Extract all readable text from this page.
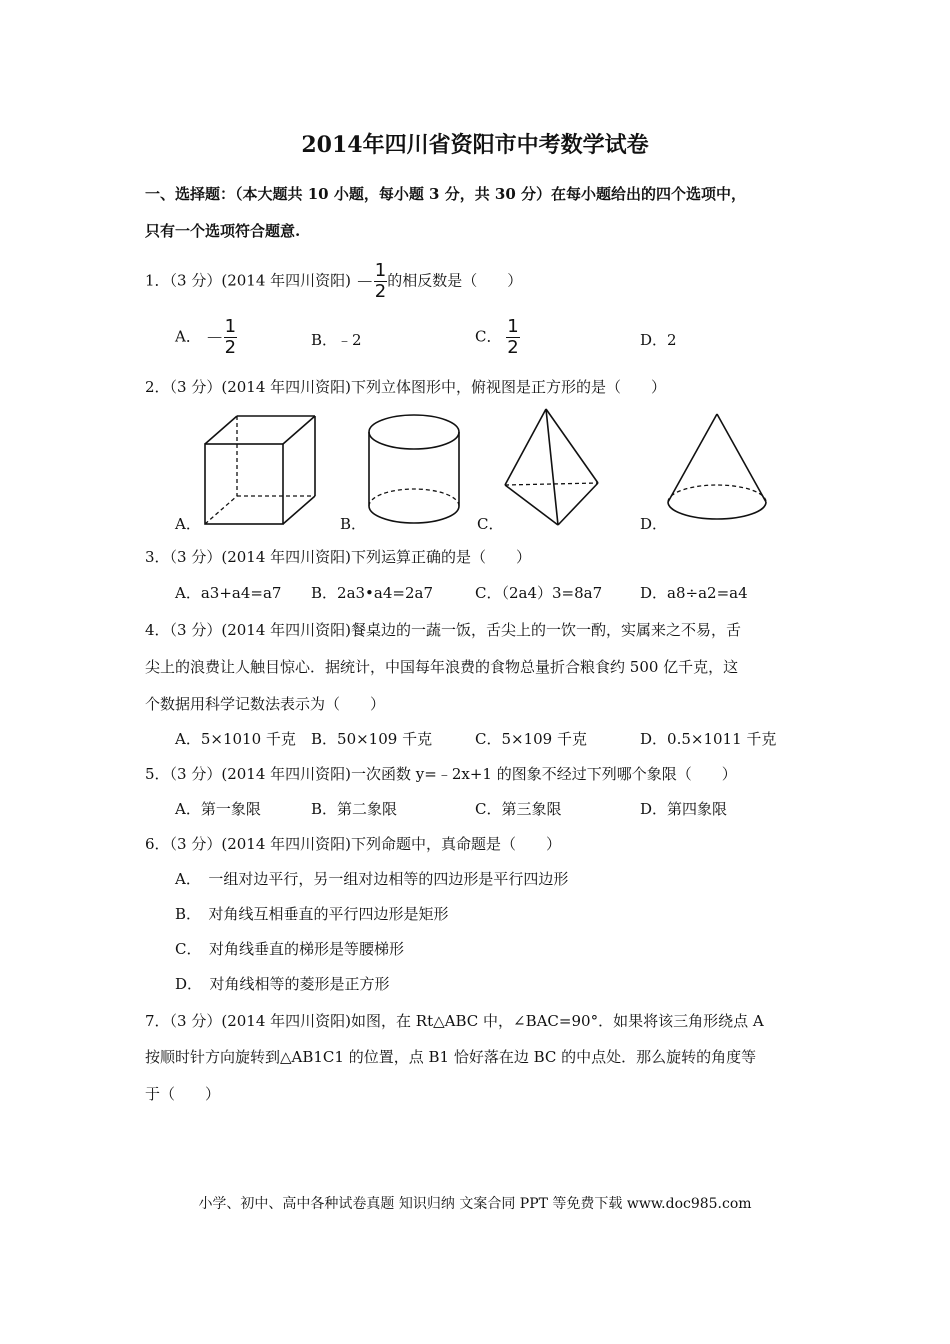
2014年四川省资阳市中考数学试卷
一、选择题：（本大题共 10 小题，每小题 3 分，共 30 分）在每小题给出的四个选项中，
只有一个选项符合题意.
1．（3 分）(2014 年四川资阳) － $\frac{1}{2}$ 的相反数是（　　）
A． － $\frac{1}{2}$	B．﹣2	C． $\frac{1}{2}$	D．2
2．（3 分）(2014 年四川资阳)下列立体图形中，俯视图是正方形的是（　　）
A．	B．	C．	D．
3．（3 分）(2014 年四川资阳)下列运算正确的是（　　）
A．a3+a4=a7 B．2a3•a4=2a7	C．（2a4）3=8a7	D．a8÷a2=a4
4．（3 分）(2014 年四川资阳)餐桌边的一蔬一饭，舌尖上的一饮一酌，实属来之不易，舌
尖上的浪费让人触目惊心．据统计，中国每年浪费的食物总量折合粮食约 500 亿千克，这
个数据用科学记数法表示为（　　）
A．5×1010 千克 B．50×109 千克	C．5×109 千克	D．0.5×1011 千克
5．（3 分）(2014 年四川资阳)一次函数 y=﹣2x+1 的图象不经过下列哪个象限（　　）
A．第一象限	B．第二象限	C．第三象限	D．第四象限
6．（3 分）(2014 年四川资阳)下列命题中，真命题是（　　）
A．　一组对边平行，另一组对边相等的四边形是平行四边形
B．　对角线互相垂直的平行四边形是矩形
C．　对角线垂直的梯形是等腰梯形
D．　对角线相等的菱形是正方形
7．（3 分）(2014 年四川资阳)如图，在 Rt△ABC 中，∠BAC=90°．如果将该三角形绕点 A
按顺时针方向旋转到△AB1C1 的位置，点 B1 恰好落在边 BC 的中点处．那么旋转的角度等
于（　　）
小学、初中、高中各种试卷真题 知识归纳 文案合同 PPT 等免费下载 www.doc985.com
